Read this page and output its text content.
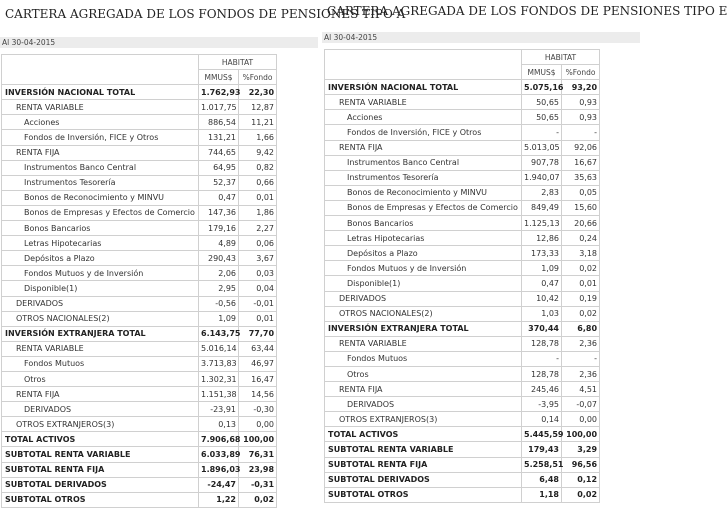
CARTERA AGREGADA DE LOS FONDOS DE PENSIONES TIPO A
Al 30-04-2015
	HABITAT	
	MMUS$	%Fondo
INVERSIÓN NACIONAL TOTAL	1.762,93	22,30
RENTA VARIABLE	1.017,75	12,87
Acciones	886,54	11,21
Fondos de Inversión, FICE y Otros	131,21	1,66
RENTA FIJA	744,65	9,42
Instrumentos Banco Central	64,95	0,82
Instrumentos Tesorería	52,37	0,66
Bonos de Reconocimiento y MINVU	0,47	0,01
Bonos de Empresas y Efectos de Comercio	147,36	1,86
Bonos Bancarios	179,16	2,27
Letras Hipotecarias	4,89	0,06
Depósitos a Plazo	290,43	3,67
Fondos Mutuos y de Inversión	2,06	0,03
Disponible(1)	2,95	0,04
DERIVADOS	-0,56	-0,01
OTROS NACIONALES(2)	1,09	0,01
INVERSIÓN EXTRANJERA TOTAL	6.143,75	77,70
RENTA VARIABLE	5.016,14	63,44
Fondos Mutuos	3.713,83	46,97
Otros	1.302,31	16,47
RENTA FIJA	1.151,38	14,56
DERIVADOS	-23,91	-0,30
OTROS EXTRANJEROS(3)	0,13	0,00
TOTAL ACTIVOS	7.906,68	100,00
SUBTOTAL RENTA VARIABLE	6.033,89	76,31
SUBTOTAL RENTA FIJA	1.896,03	23,98
SUBTOTAL DERIVADOS	-24,47	-0,31
SUBTOTAL OTROS	1,22	0,02
CARTERA AGREGADA DE LOS FONDOS DE PENSIONES TIPO E
Al 30-04-2015
	HABITAT	
	MMUS$	%Fondo
INVERSIÓN NACIONAL TOTAL	5.075,16	93,20
RENTA VARIABLE	50,65	0,93
Acciones	50,65	0,93
Fondos de Inversión, FICE y Otros	-	-
RENTA FIJA	5.013,05	92,06
Instrumentos Banco Central	907,78	16,67
Instrumentos Tesorería	1.940,07	35,63
Bonos de Reconocimiento y MINVU	2,83	0,05
Bonos de Empresas y Efectos de Comercio	849,49	15,60
Bonos Bancarios	1.125,13	20,66
Letras Hipotecarias	12,86	0,24
Depósitos a Plazo	173,33	3,18
Fondos Mutuos y de Inversión	1,09	0,02
Disponible(1)	0,47	0,01
DERIVADOS	10,42	0,19
OTROS NACIONALES(2)	1,03	0,02
INVERSIÓN EXTRANJERA TOTAL	370,44	6,80
RENTA VARIABLE	128,78	2,36
Fondos Mutuos	-	-
Otros	128,78	2,36
RENTA FIJA	245,46	4,51
DERIVADOS	-3,95	-0,07
OTROS EXTRANJEROS(3)	0,14	0,00
TOTAL ACTIVOS	5.445,59	100,00
SUBTOTAL RENTA VARIABLE	179,43	3,29
SUBTOTAL RENTA FIJA	5.258,51	96,56
SUBTOTAL DERIVADOS	6,48	0,12
SUBTOTAL OTROS	1,18	0,02
